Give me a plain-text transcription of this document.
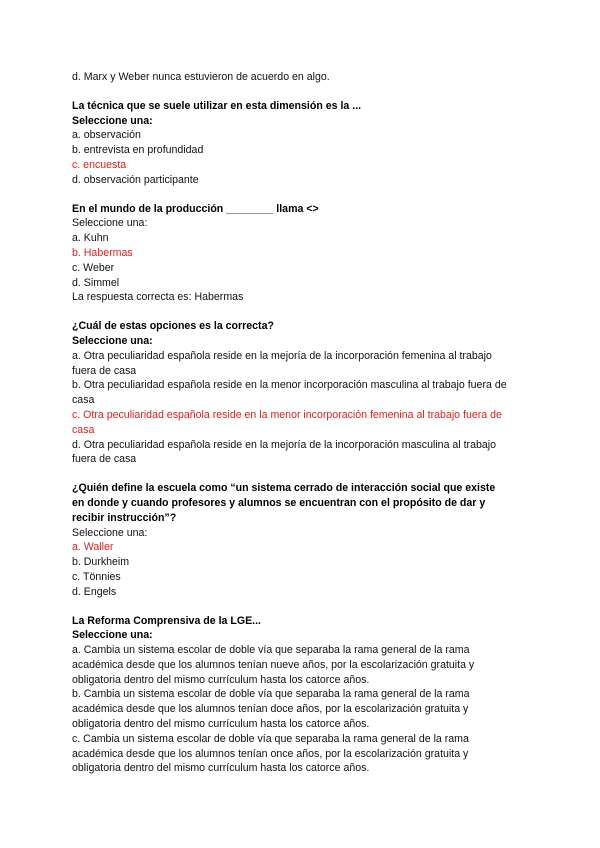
d. Marx y Weber nunca estuvieron de acuerdo en algo.
La técnica que se suele utilizar en esta dimensión es la ...
Seleccione una:
a. observación
b. entrevista en profundidad
c. encuesta
d. observación participante
En el mundo de la producción ________ llama <>
Seleccione una:
a. Kuhn
b. Habermas
c. Weber
d. Simmel
La respuesta correcta es: Habermas
¿Cuál de estas opciones es la correcta?
Seleccione una:
a. Otra peculiaridad española reside en la mejoría de la incorporación femenina al trabajo
fuera de casa
b. Otra peculiaridad española reside en la menor incorporación masculina al trabajo fuera de
casa
c. Otra peculiaridad española reside en la menor incorporación femenina al trabajo fuera de
casa
d. Otra peculiaridad española reside en la mejoría de la incorporación masculina al trabajo
fuera de casa
¿Quién define la escuela como “un sistema cerrado de interacción social que existe
en donde y cuando profesores y alumnos se encuentran con el propósito de dar y
recibir instrucción”?
Seleccione una:
a. Waller
b. Durkheim
c. Tönnies
d. Engels
La Reforma Comprensiva de la LGE...
Seleccione una:
a. Cambia un sistema escolar de doble vía que separaba la rama general de la rama
académica desde que los alumnos tenían nueve años, por la escolarización gratuita y
obligatoria dentro del mismo currículum hasta los catorce años.
b. Cambia un sistema escolar de doble vía que separaba la rama general de la rama
académica desde que los alumnos tenían doce años, por la escolarización gratuita y
obligatoria dentro del mismo currículum hasta los catorce años.
c. Cambia un sistema escolar de doble vía que separaba la rama general de la rama
académica desde que los alumnos tenían once años, por la escolarización gratuita y
obligatoria dentro del mismo currículum hasta los catorce años.
